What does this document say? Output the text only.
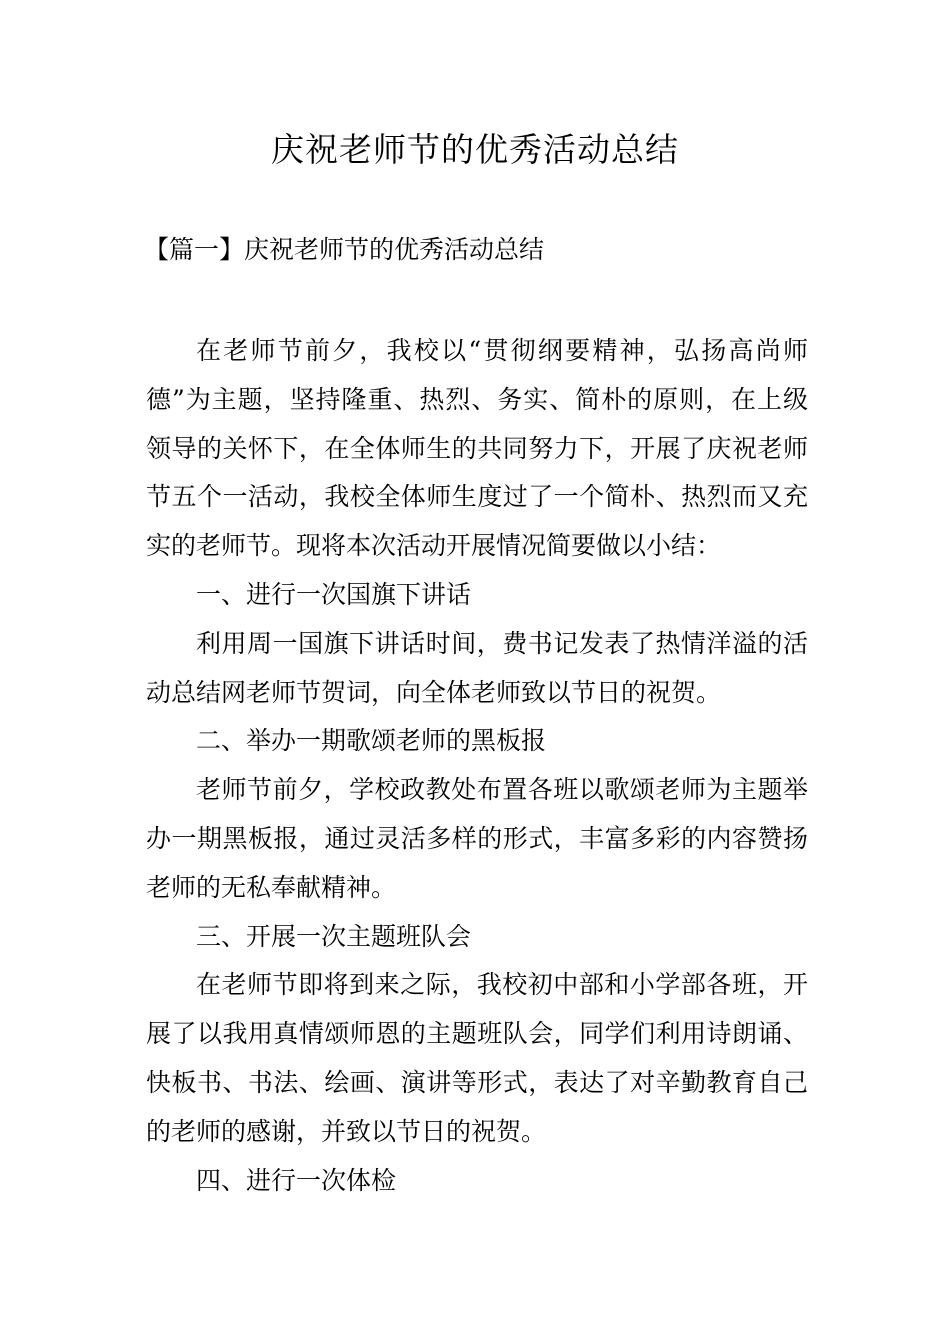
庆祝老师节的优秀活动总结
【篇一】庆祝老师节的优秀活动总结

在老师节前夕，我校以“贯彻纲要精神，弘扬高尚师德”为主题，坚持隆重、热烈、务实、简朴的原则，在上级领导的关怀下，在全体师生的共同努力下，开展了庆祝老师节五个一活动，我校全体师生度过了一个简朴、热烈而又充实的老师节。现将本次活动开展情况简要做以小结：

一、进行一次国旗下讲话

利用周一国旗下讲话时间，费书记发表了热情洋溢的活动总结网老师节贺词，向全体老师致以节日的祝贺。

二、举办一期歌颂老师的黑板报

老师节前夕，学校政教处布置各班以歌颂老师为主题举办一期黑板报，通过灵活多样的形式，丰富多彩的内容赞扬老师的无私奉献精神。

三、开展一次主题班队会

在老师节即将到来之际，我校初中部和小学部各班，开展了以我用真情颂师恩的主题班队会，同学们利用诗朗诵、快板书、书法、绘画、演讲等形式，表达了对辛勤教育自己的老师的感谢，并致以节日的祝贺。

四、进行一次体检
